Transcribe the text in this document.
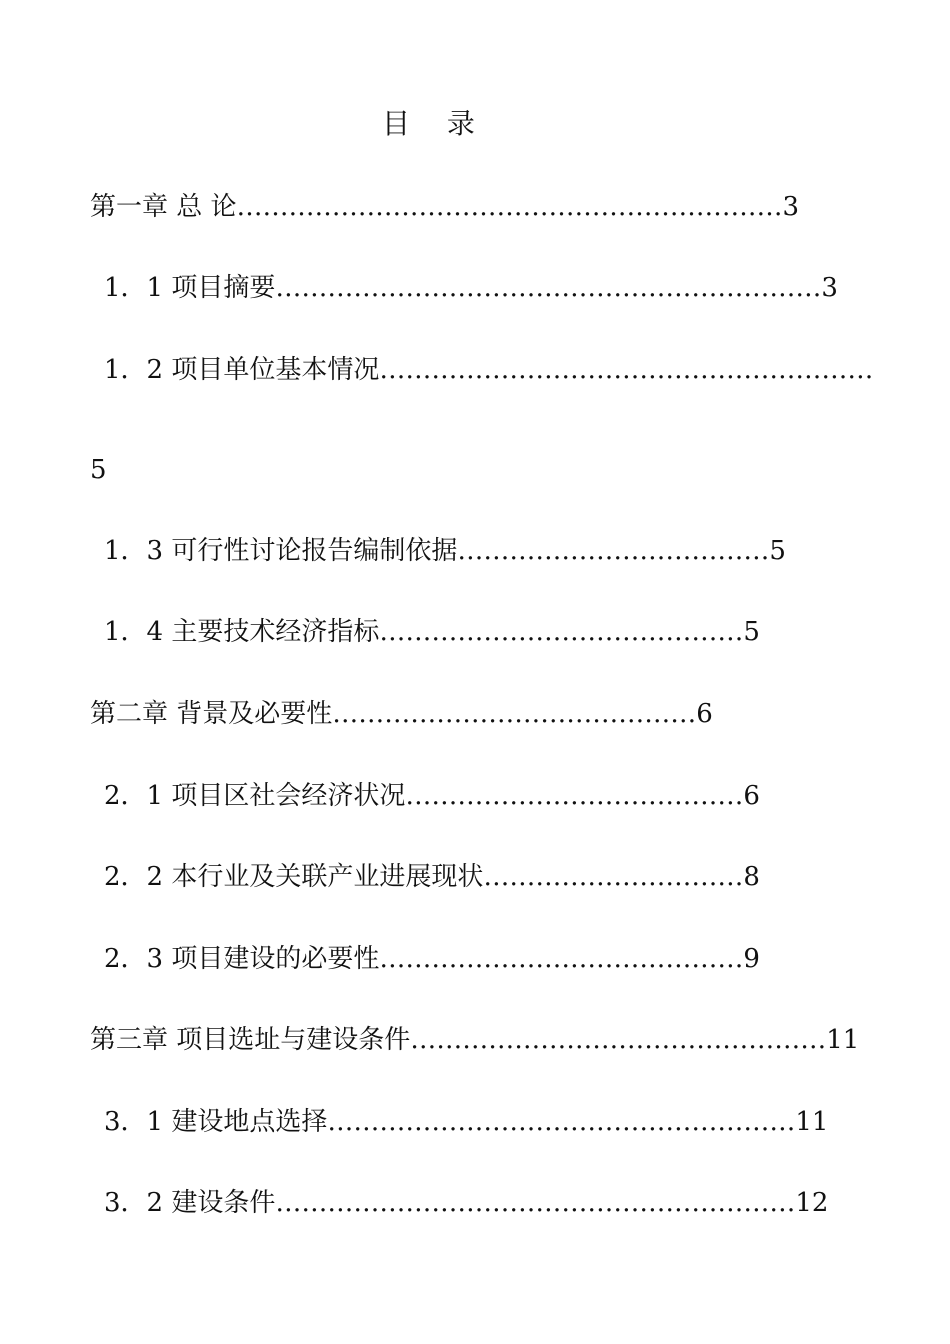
目 录
第一章 总 论………………………………………………………3
1．1 项目摘要………………………………………………………3
1．2 项目单位基本情况…………………………………………………
5
1．3 可行性讨论报告编制依据………………………………5
1．4 主要技术经济指标……………………………………5
第二章 背景及必要性……………………………………6
2．1 项目区社会经济状况…………………………………6
2．2 本行业及关联产业进展现状…………………………8
2．3 项目建设的必要性……………………………………9
第三章 项目选址与建设条件…………………………………………11
3．1 建设地点选择………………………………………………11
3．2 建设条件……………………………………………………12
